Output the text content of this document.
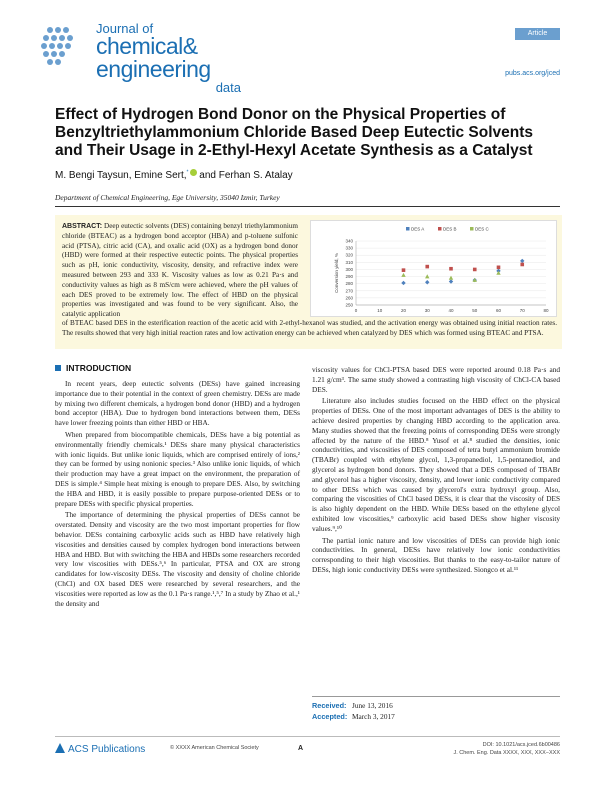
Journal of
chemical&
engineering
data
Article
pubs.acs.org/jced
Effect of Hydrogen Bond Donor on the Physical Properties of Benzyltriethylammonium Chloride Based Deep Eutectic Solvents and Their Usage in 2-Ethyl-Hexyl Acetate Synthesis as a Catalyst
M. Bengi Taysun, Emine Sert,* and Ferhan S. Atalay
Department of Chemical Engineering, Ege University, 35040 Izmir, Turkey
ABSTRACT: Deep eutectic solvents (DES) containing benzyl triethylammonium chloride (BTEAC) as a hydrogen bond acceptor (HBA) and p-toluene sulfonic acid (PTSA), citric acid (CA), and oxalic acid (OX) as a hydrogen bond donor (HBD) were formed at their respective eutectic points. The physical properties such as pH, ionic conductivity, viscosity, density, and refractive index were measured between 293 and 333 K. Viscosity values as low as 0.21 Pa·s and conductivity values as high as 8 mS/cm were achieved, where the pH values of each DES proved to be extremely low. The effect of HBD on the physical properties was investigated and was found to be very significant. Also, the catalytic application
of BTEAC based DES in the esterification reaction of the acetic acid with 2-ethyl-hexanol was studied, and the activation energy was obtained using initial reaction rates. The results showed that very high initial reaction rates and low activation energy can be achieved when catalyzed by DES which was formed using BTEAC and PTSA.
DES A	DES B	DES C
250
260
270
280
290
300
310
320
330
340
0	10	20	30	40	50	60	70	80
Conversion yield, %
INTRODUCTION

In recent years, deep eutectic solvents (DESs) have gained increasing importance due to their potential in the context of green chemistry. DESs are made by mixing two different chemicals, a hydrogen bond donor (HBD) and a hydrogen bond acceptor (HBA). Due to hydrogen bond interactions between them, DESs have lower freezing points than either HBD or HBA.

When prepared from biocompatible chemicals, DESs have a big potential as environmentally friendly chemicals.¹ DESs share many physical characteristics with ionic liquids. But unlike ionic liquids, which are comprised entirely of ions,² they can be formed by using nonionic species.³ Also unlike ionic liquids, of which their production may have a great impact on the environment, the preparation of DES is simple.⁴ Simple heat mixing is enough to prepare DES. Also, by switching the HBA and HBD, it is easily possible to prepare purpose-oriented DESs or to prepare DESs with specific physical properties.

The importance of determining the physical properties of DESs cannot be overstated. Density and viscosity are the two most important properties for flow behavior. DESs containing carboxylic acids such as HBD have relatively high viscosities and densities caused by complex hydrogen bond interactions between HBA and HBD. But with switching the HBA and HBDs some researchers recorded very low viscosities with DESs.⁵,⁶ In particular, PTSA and OX are strong candidates for low-viscosity DESs. The viscosity and density of choline chloride (ChCl) and OX based DES were researched by several researchers, and the viscosities were reported as low as the 0.1 Pa·s range.¹,⁵,⁷ In a study by Zhao et al.,¹ the density and

viscosity values for ChCl-PTSA based DES were reported around 0.18 Pa·s and 1.21 g/cm³. The same study showed a contrasting high viscosity of ChCl-CA based DES.

Literature also includes studies focused on the HBD effect on the physical properties of DESs. One of the most important advantages of DES is the ability to achieve desired properties by changing HBD according to the application area. Many studies showed that the freezing points of corresponding DESs were strongly affected by the nature of the HBD.⁸ Yusof et al.⁸ studied the densities, ionic conductivities, and viscosities of DES composed of tetra butyl ammonium bromide (TBABr) coupled with ethylene glycol, 1,3-propanediol, 1,5-pentanediol, and glycerol as hydrogen bond donors. They showed that a DES composed of TBABr and glycerol has a higher viscosity, density, and lower ionic conductivity compared to other DESs which was caused by glycerol's extra hydroxyl group. Also, comparing the viscosities of ChCl based DESs, it is clear that the viscosity of DES is also highly dependent on the HBD. While DESs based on the ethylene glycol exhibited low viscosities,⁹ carboxylic acid based DESs show higher viscosity values.⁹,¹⁰

The partial ionic nature and low viscosities of DESs can provide high ionic conductivities. In general, DESs have relatively low ionic conductivities corresponding to their high viscosities. But thanks to the easy-to-tailor nature of DESs, high ionic conductivity DESs were synthesized. Siongco et al.¹¹

Received: June 13, 2016
Accepted: March 3, 2017
ACS Publications	© XXXX American Chemical Society	A	DOI: 10.1021/acs.jced.6b00486
J. Chem. Eng. Data XXXX, XXX, XXX−XXX
